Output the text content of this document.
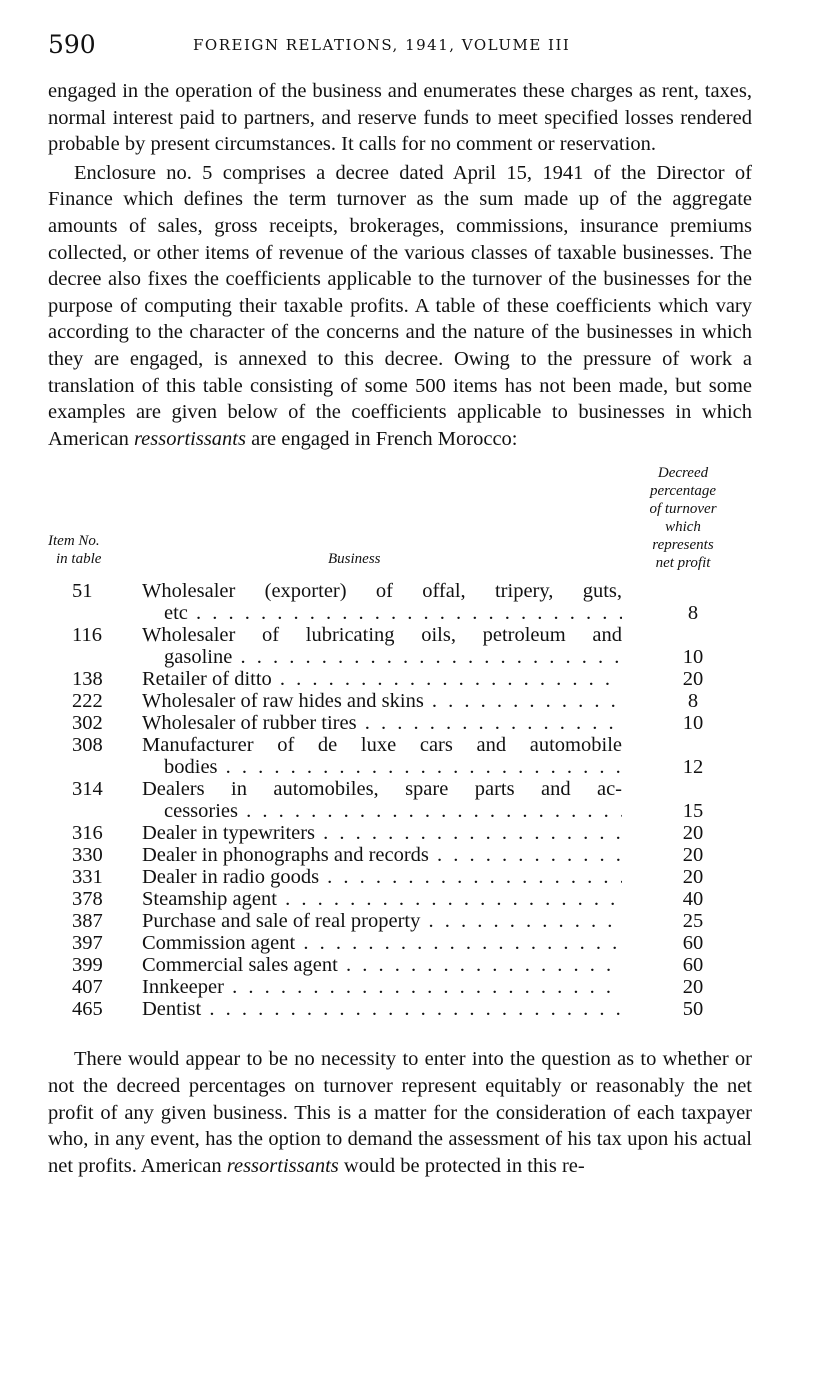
590	FOREIGN RELATIONS, 1941, VOLUME III

engaged in the operation of the business and enumerates these charges as rent, taxes, normal interest paid to partners, and reserve funds to meet specified losses rendered probable by present circumstances. It calls for no comment or reservation.

Enclosure no. 5 comprises a decree dated April 15, 1941 of the Director of Finance which defines the term turnover as the sum made up of the aggregate amounts of sales, gross receipts, brokerages, commissions, insurance premiums collected, or other items of revenue of the various classes of taxable businesses. The decree also fixes the coefficients applicable to the turnover of the businesses for the purpose of computing their taxable profits. A table of these coefficients which vary according to the character of the concerns and the nature of the businesses in which they are engaged, is annexed to this decree. Owing to the pressure of work a translation of this table consisting of some 500 items has not been made, but some examples are given below of the coefficients applicable to businesses in which American ressortissants are engaged in French Morocco:

Item No.
in table	Business
Decreed
percentage
of turnover
which
represents
net profit
51	Wholesaler (exporter) of offal, tripery, guts,
etc . . .	8
116	Wholesaler of lubricating oils, petroleum and
gasoline . . .	10
138	Retailer of ditto . . .	20
222	Wholesaler of raw hides and skins . . .	8
302	Wholesaler of rubber tires . . .	10
308	Manufacturer of de luxe cars and automobile
bodies . . .	12
314	Dealers in automobiles, spare parts and ac-
cessories . . .	15
316	Dealer in typewriters . . .	20
330	Dealer in phonographs and records . . .	20
331	Dealer in radio goods . . .	20
378	Steamship agent . . .	40
387	Purchase and sale of real property . . .	25
397	Commission agent . . .	60
399	Commercial sales agent . . .	60
407	Innkeeper . . .	20
465	Dentist . . .	50

There would appear to be no necessity to enter into the question as to whether or not the decreed percentages on turnover represent equitably or reasonably the net profit of any given business. This is a matter for the consideration of each taxpayer who, in any event, has the option to demand the assessment of his tax upon his actual net profits. American ressortissants would be protected in this re-
